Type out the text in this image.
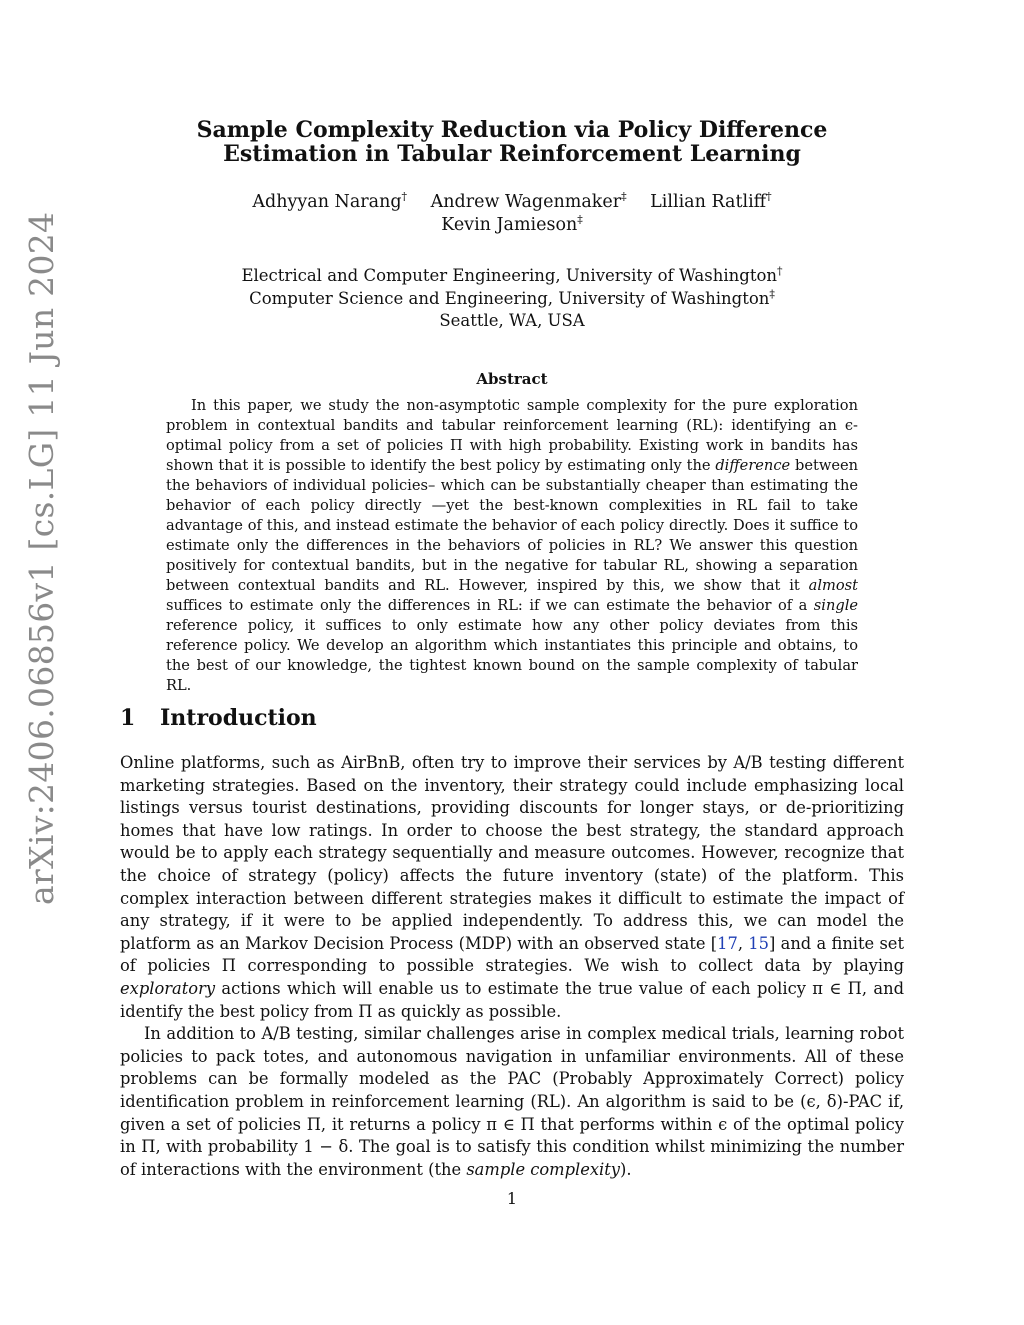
arXiv:2406.06856v1 [cs.LG] 11 Jun 2024
Sample Complexity Reduction via Policy Difference
Estimation in Tabular Reinforcement Learning
Adhyyan Narang† Andrew Wagenmaker‡ Lillian Ratliff†
Kevin Jamieson‡
Electrical and Computer Engineering, University of Washington†
Computer Science and Engineering, University of Washington‡
Seattle, WA, USA
Abstract

In this paper, we study the non-asymptotic sample complexity for the pure exploration problem in contextual bandits and tabular reinforcement learning (RL): identifying an ϵ-optimal policy from a set of policies Π with high probability. Existing work in bandits has shown that it is possible to identify the best policy by estimating only the difference between the behaviors of individual policies– which can be substantially cheaper than estimating the behavior of each policy directly —yet the best-known complexities in RL fail to take advantage of this, and instead estimate the behavior of each policy directly. Does it suffice to estimate only the differences in the behaviors of policies in RL? We answer this question positively for contextual bandits, but in the negative for tabular RL, showing a separation between contextual bandits and RL. However, inspired by this, we show that it almost suffices to estimate only the differences in RL: if we can estimate the behavior of a single reference policy, it suffices to only estimate how any other policy deviates from this reference policy. We develop an algorithm which instantiates this principle and obtains, to the best of our knowledge, the tightest known bound on the sample complexity of tabular RL.

1 Introduction

Online platforms, such as AirBnB, often try to improve their services by A/B testing different marketing strategies. Based on the inventory, their strategy could include emphasizing local listings versus tourist destinations, providing discounts for longer stays, or de-prioritizing homes that have low ratings. In order to choose the best strategy, the standard approach would be to apply each strategy sequentially and measure outcomes. However, recognize that the choice of strategy (policy) affects the future inventory (state) of the platform. This complex interaction between different strategies makes it difficult to estimate the impact of any strategy, if it were to be applied independently. To address this, we can model the platform as an Markov Decision Process (MDP) with an observed state [17, 15] and a finite set of policies Π corresponding to possible strategies. We wish to collect data by playing exploratory actions which will enable us to estimate the true value of each policy π ∈ Π, and identify the best policy from Π as quickly as possible.

In addition to A/B testing, similar challenges arise in complex medical trials, learning robot policies to pack totes, and autonomous navigation in unfamiliar environments. All of these problems can be formally modeled as the PAC (Probably Approximately Correct) policy identification problem in reinforcement learning (RL). An algorithm is said to be (ϵ, δ)-PAC if, given a set of policies Π, it returns a policy π ∈ Π that performs within ϵ of the optimal policy in Π, with probability 1 − δ. The goal is to satisfy this condition whilst minimizing the number of interactions with the environment (the sample complexity).

1
